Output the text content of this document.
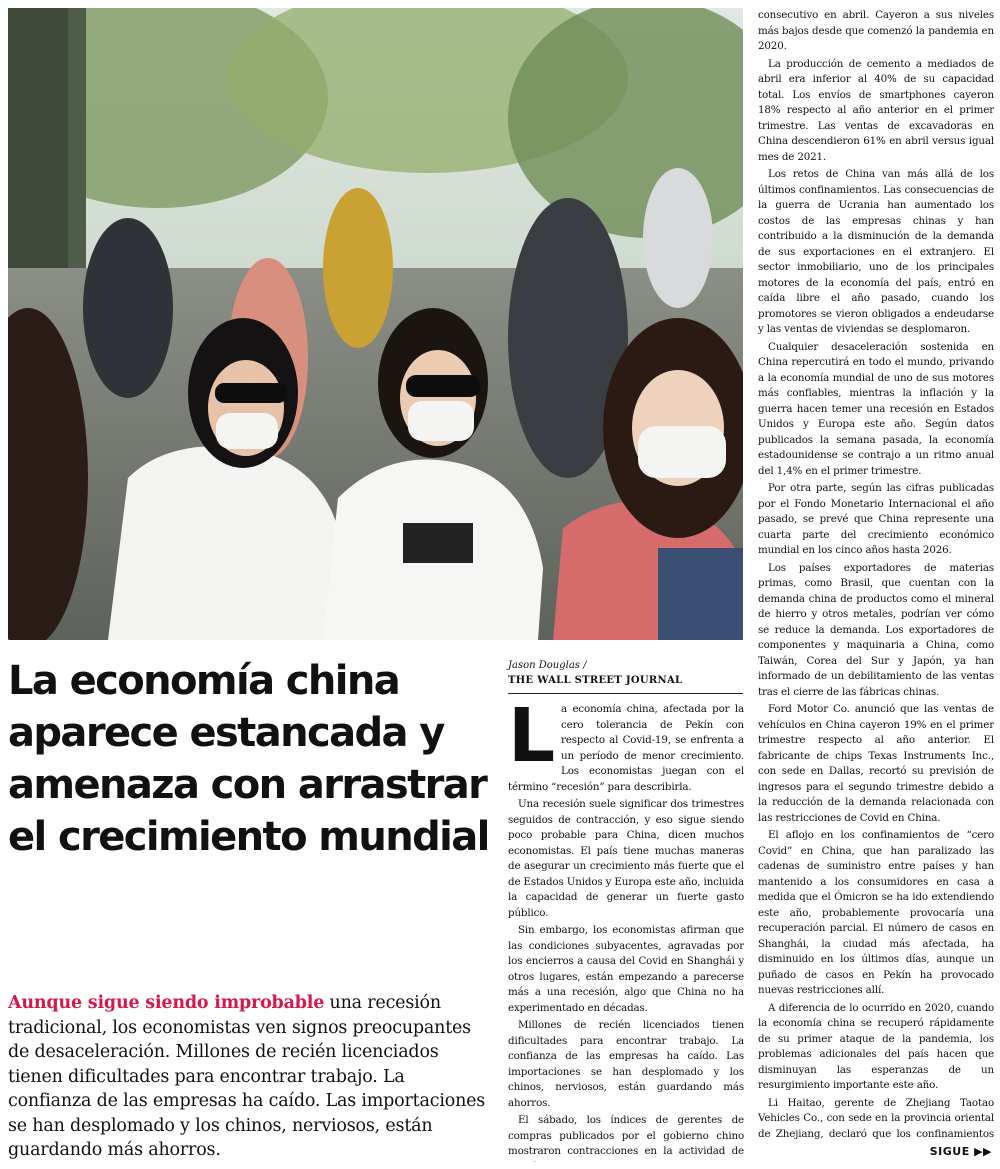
La economía china aparece estancada y amenaza con arrastrar el crecimiento mundial

Aunque sigue siendo improbable una recesión tradicional, los economistas ven signos preocupantes de desaceleración. Millones de recién licenciados tienen dificultades para encontrar trabajo. La confianza de las empresas ha caído. Las importaciones se han desplomado y los chinos, nerviosos, están guardando más ahorros.

Jason Douglas /
THE WALL STREET JOURNAL

La economía china, afectada por la cero tolerancia de Pekín con respecto al Covid-19, se enfrenta a un período de menor crecimiento. Los economistas juegan con el término “recesión” para describirla.

Una recesión suele significar dos trimestres seguidos de contracción, y eso sigue siendo poco probable para China, dicen muchos economistas. El país tiene muchas maneras de asegurar un crecimiento más fuerte que el de Estados Unidos y Europa este año, incluida la capacidad de generar un fuerte gasto público.

Sin embargo, los economistas afirman que las condiciones subyacentes, agravadas por los encierros a causa del Covid en Shanghái y otros lugares, están empezando a parecerse más a una recesión, algo que China no ha experimentado en décadas.

Millones de recién licenciados tienen dificultades para encontrar trabajo. La confianza de las empresas ha caído. Las importaciones se han desplomado y los chinos, nerviosos, están guardando más ahorros.

El sábado, los índices de gerentes de compras publicados por el gobierno chino mostraron contracciones en la actividad de

consecutivo en abril. Cayeron a sus niveles más bajos desde que comenzó la pandemia en 2020.

La producción de cemento a mediados de abril era inferior al 40% de su capacidad total. Los envíos de smartphones cayeron 18% respecto al año anterior en el primer trimestre. Las ventas de excavadoras en China descendieron 61% en abril versus igual mes de 2021.

Los retos de China van más allá de los últimos confinamientos. Las consecuencias de la guerra de Ucrania han aumentado los costos de las empresas chinas y han contribuido a la disminución de la demanda de sus exportaciones en el extranjero. El sector inmobiliario, uno de los principales motores de la economía del país, entró en caída libre el año pasado, cuando los promotores se vieron obligados a endeudarse y las ventas de viviendas se desplomaron.

Cualquier desaceleración sostenida en China repercutirá en todo el mundo, privando a la economía mundial de uno de sus motores más confiables, mientras la inflación y la guerra hacen temer una recesión en Estados Unidos y Europa este año. Según datos publicados la semana pasada, la economía estadounidense se contrajo a un ritmo anual del 1,4% en el primer trimestre.

Por otra parte, según las cifras publicadas por el Fondo Monetario Internacional el año pasado, se prevé que China represente una cuarta parte del crecimiento económico mundial en los cinco años hasta 2026.

Los países exportadores de materias primas, como Brasil, que cuentan con la demanda china de productos como el mineral de hierro y otros metales, podrían ver cómo se reduce la demanda. Los exportadores de componentes y maquinaria a China, como Taiwán, Corea del Sur y Japón, ya han informado de un debilitamiento de las ventas tras el cierre de las fábricas chinas.

Ford Motor Co. anunció que las ventas de vehículos en China cayeron 19% en el primer trimestre respecto al año anterior. El fabricante de chips Texas Instruments Inc., con sede en Dallas, recortó su previsión de ingresos para el segundo trimestre debido a la reducción de la demanda relacionada con las restricciones de Covid en China.

El aflojo en los confinamientos de “cero Covid” en China, que han paralizado las cadenas de suministro entre países y han mantenido a los consumidores en casa a medida que el Ómicron se ha ido extendiendo este año, probablemente provocaría una recuperación parcial. El número de casos en Shanghái, la ciudad más afectada, ha disminuido en los últimos días, aunque un puñado de casos en Pekín ha provocado nuevas restricciones allí.

A diferencia de lo ocurrido en 2020, cuando la economía china se recuperó rápidamente de su primer ataque de la pandemia, los problemas adicionales del país hacen que disminuyan las esperanzas de un resurgimiento importante este año.

Li Haitao, gerente de Zhejiang Taotao Vehicles Co., con sede en la provincia oriental de Zhejiang, declaró que los confinamientos

SIGUE ▶▶
